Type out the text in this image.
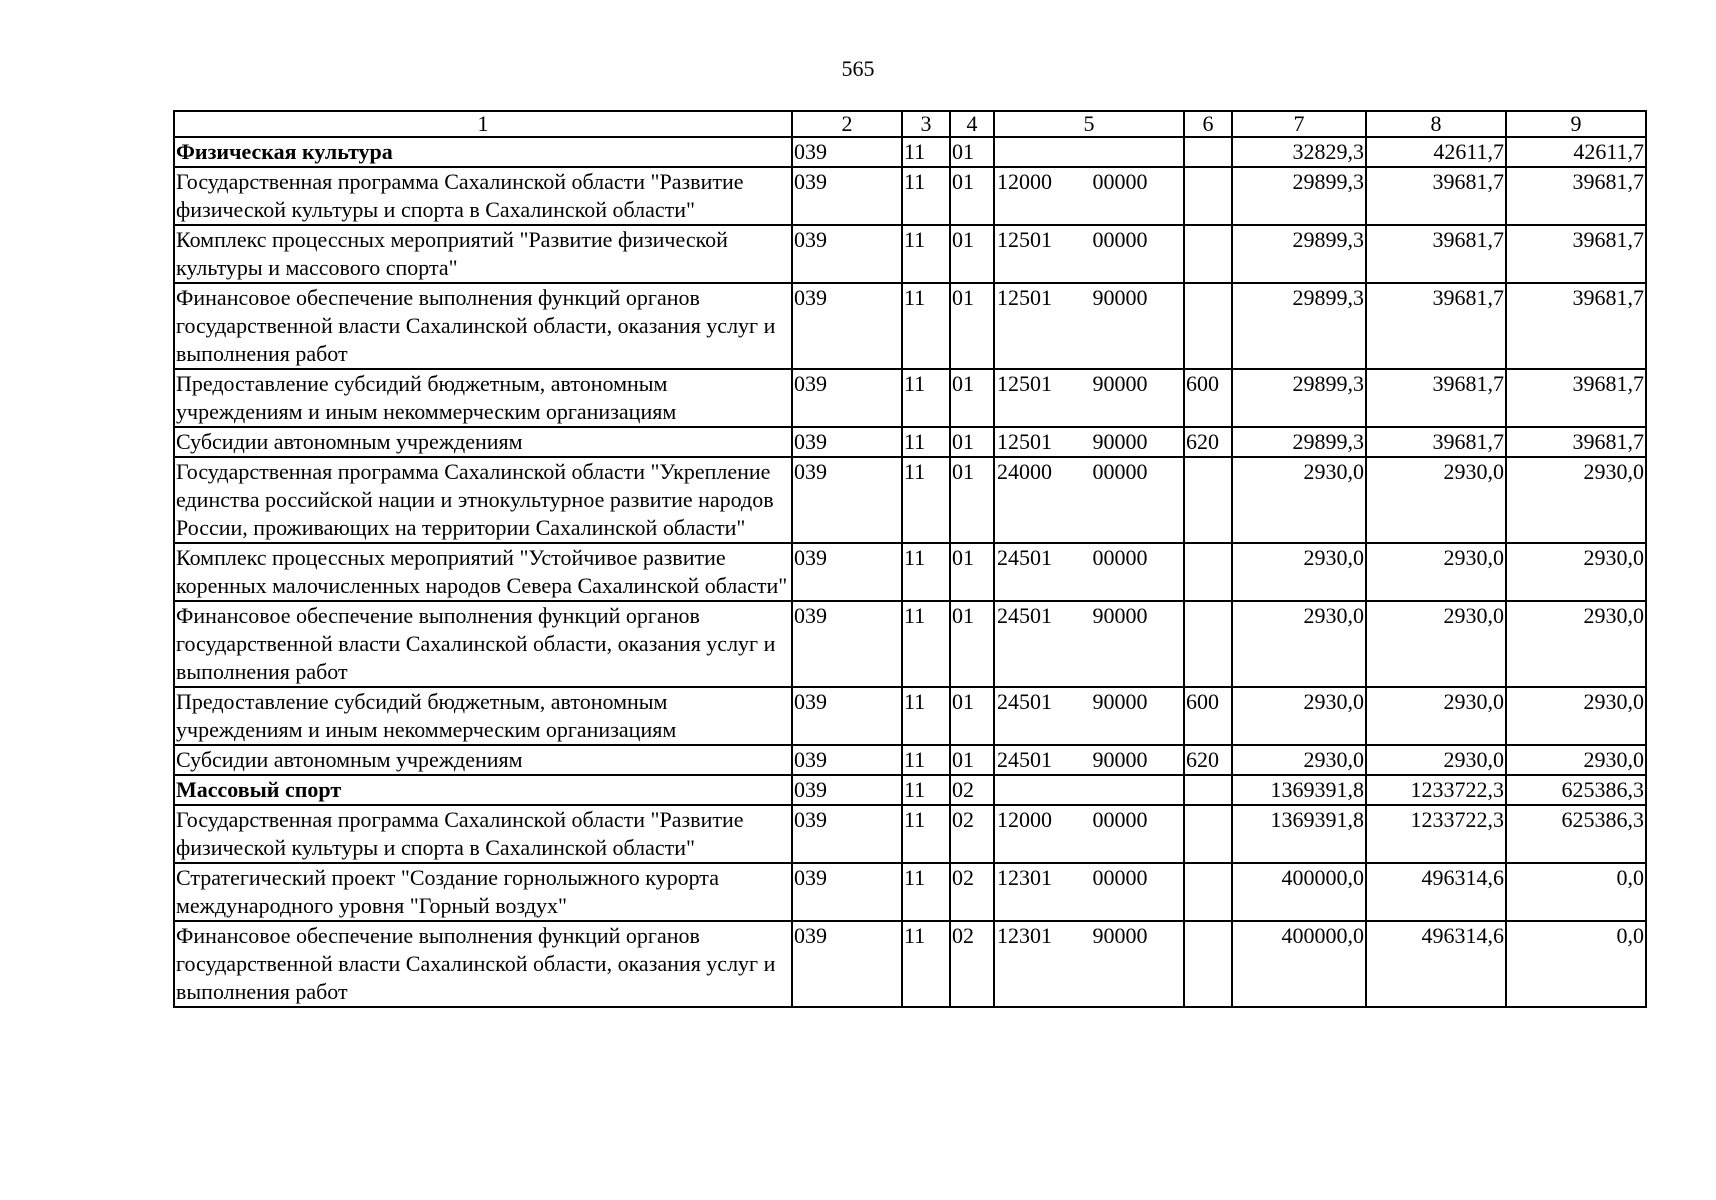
565
1	2	3	4	5	6	7	8	9
Физическая культура	039	11	01			32829,3	42611,7	42611,7
Государственная программа Сахалинской области "Развитие физической культуры и спорта в Сахалинской области"	039	11	01	12000 00000		29899,3	39681,7	39681,7
Комплекс процессных мероприятий "Развитие физической культуры и массового спорта"	039	11	01	12501 00000		29899,3	39681,7	39681,7
Финансовое обеспечение выполнения функций органов государственной власти Сахалинской области, оказания услуг и выполнения работ	039	11	01	12501 90000		29899,3	39681,7	39681,7
Предоставление субсидий бюджетным, автономным учреждениям и иным некоммерческим организациям	039	11	01	12501 90000	600	29899,3	39681,7	39681,7
Субсидии автономным учреждениям	039	11	01	12501 90000	620	29899,3	39681,7	39681,7
Государственная программа Сахалинской области "Укрепление единства российской нации и этнокультурное развитие народов России, проживающих на территории Сахалинской области"	039	11	01	24000 00000		2930,0	2930,0	2930,0
Комплекс процессных мероприятий "Устойчивое развитие коренных малочисленных народов Севера Сахалинской области"	039	11	01	24501 00000		2930,0	2930,0	2930,0
Финансовое обеспечение выполнения функций органов государственной власти Сахалинской области, оказания услуг и выполнения работ	039	11	01	24501 90000		2930,0	2930,0	2930,0
Предоставление субсидий бюджетным, автономным учреждениям и иным некоммерческим организациям	039	11	01	24501 90000	600	2930,0	2930,0	2930,0
Субсидии автономным учреждениям	039	11	01	24501 90000	620	2930,0	2930,0	2930,0
Массовый спорт	039	11	02			1369391,8	1233722,3	625386,3
Государственная программа Сахалинской области "Развитие физической культуры и спорта в Сахалинской области"	039	11	02	12000 00000		1369391,8	1233722,3	625386,3
Стратегический проект "Создание горнолыжного курорта международного уровня "Горный воздух"	039	11	02	12301 00000		400000,0	496314,6	0,0
Финансовое обеспечение выполнения функций органов государственной власти Сахалинской области, оказания услуг и выполнения работ	039	11	02	12301 90000		400000,0	496314,6	0,0
